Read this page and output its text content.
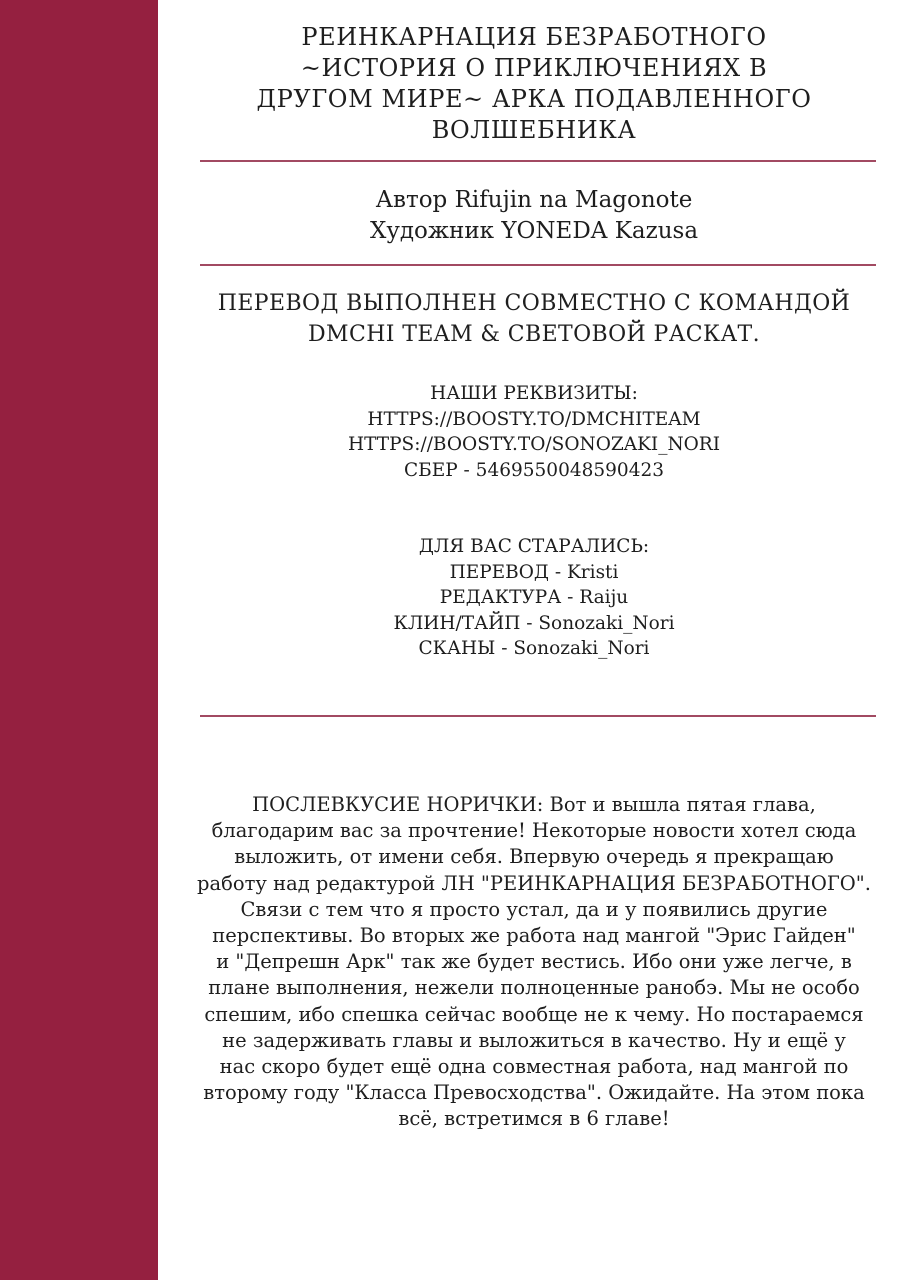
РЕИНКАРНАЦИЯ БЕЗРАБОТНОГО
~ИСТОРИЯ О ПРИКЛЮЧЕНИЯХ В
ДРУГОМ МИРЕ~ АРКА ПОДАВЛЕННОГО
ВОЛШЕБНИКА
Автор Rifujin na Magonote
Художник YONEDA Kazusa
ПЕРЕВОД ВЫПОЛНЕН СОВМЕСТНО С КОМАНДОЙ
DMCHI TEAM & СВЕТОВОЙ РАСКАТ.
НАШИ РЕКВИЗИТЫ:
HTTPS://BOOSTY.TO/DMCHITEAM
HTTPS://BOOSTY.TO/SONOZAKI_NORI
СБЕР - 5469550048590423
ДЛЯ ВАС СТАРАЛИСЬ:
ПЕРЕВОД - Kristi
РЕДАКТУРА - Raiju
КЛИН/ТАЙП - Sonozaki_Nori
СКАНЫ - Sonozaki_Nori
ПОСЛЕВКУСИЕ НОРИЧКИ: Вот и вышла пятая глава,
благодарим вас за прочтение! Некоторые новости хотел сюда
выложить, от имени себя. Впервую очередь я прекращаю
работу над редактурой ЛН "РЕИНКАРНАЦИЯ БЕЗРАБОТНОГО".
Связи с тем что я просто устал, да и у появились другие
перспективы. Во вторых же работа над мангой "Эрис Гайден"
и "Депрешн Арк" так же будет вестись. Ибо они уже легче, в
плане выполнения, нежели полноценные ранобэ. Мы не особо
спешим, ибо спешка сейчас вообще не к чему. Но постараемся
не задерживать главы и выложиться в качество. Ну и ещё у
нас скоро будет ещё одна совместная работа, над мангой по
второму году "Класса Превосходства". Ожидайте. На этом пока
всё, встретимся в 6 главе!
